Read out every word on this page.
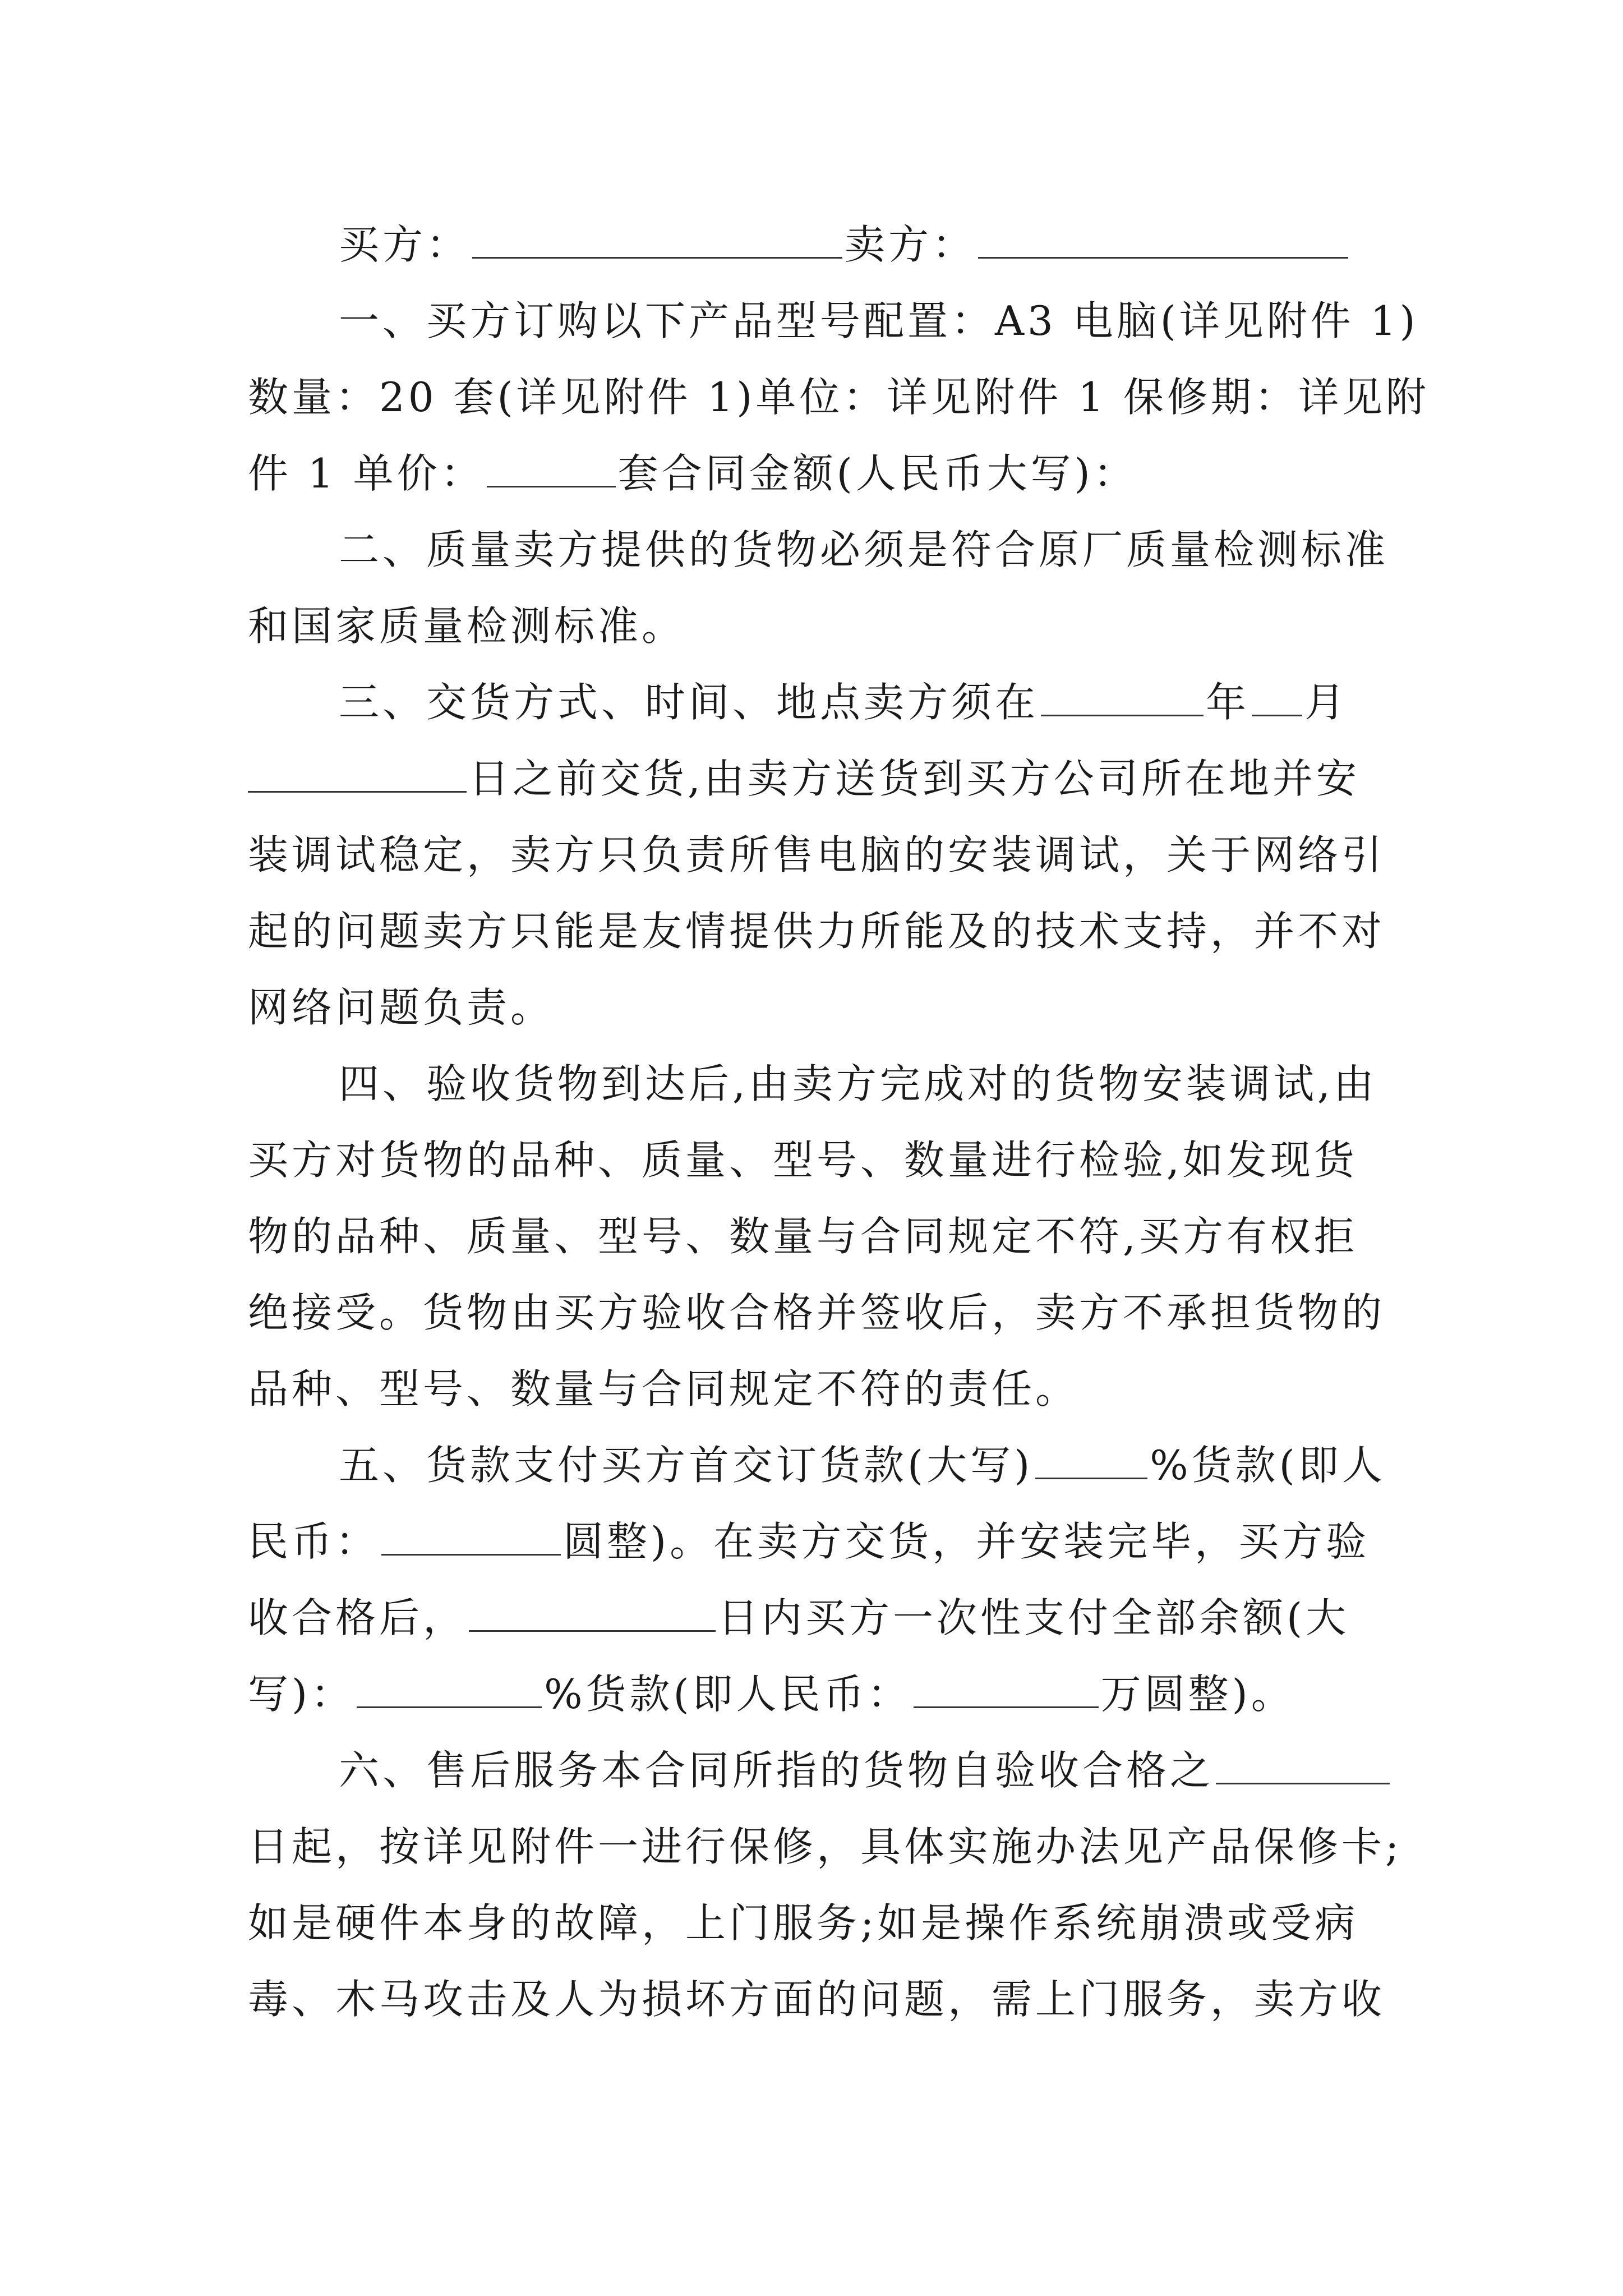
买方：	卖方：
一、买方订购以下产品型号配置：A3 电脑(详见附件 1)
数量：20 套(详见附件 1)单位：详见附件 1 保修期：详见附
件 1 单价：	套合同金额(人民币大写)：
二、质量卖方提供的货物必须是符合原厂质量检测标准
和国家质量检测标准。
三、交货方式、时间、地点卖方须在	年 月
日之前交货,由卖方送货到买方公司所在地并安
装调试稳定，卖方只负责所售电脑的安装调试，关于网络引
起的问题卖方只能是友情提供力所能及的技术支持，并不对
网络问题负责。
四、验收货物到达后,由卖方完成对的货物安装调试,由
买方对货物的品种、质量、型号、数量进行检验,如发现货
物的品种、质量、型号、数量与合同规定不符,买方有权拒
绝接受。货物由买方验收合格并签收后，卖方不承担货物的
品种、型号、数量与合同规定不符的责任。
五、货款支付买方首交订货款(大写)	%货款(即人
民币：	圆整)。在卖方交货，并安装完毕，买方验
收合格后，	日内买方一次性支付全部余额(大
写)：	%货款(即人民币：	万圆整)。
六、售后服务本合同所指的货物自验收合格之
日起，按详见附件一进行保修，具体实施办法见产品保修卡;
如是硬件本身的故障，上门服务;如是操作系统崩溃或受病
毒、木马攻击及人为损坏方面的问题，需上门服务，卖方收
